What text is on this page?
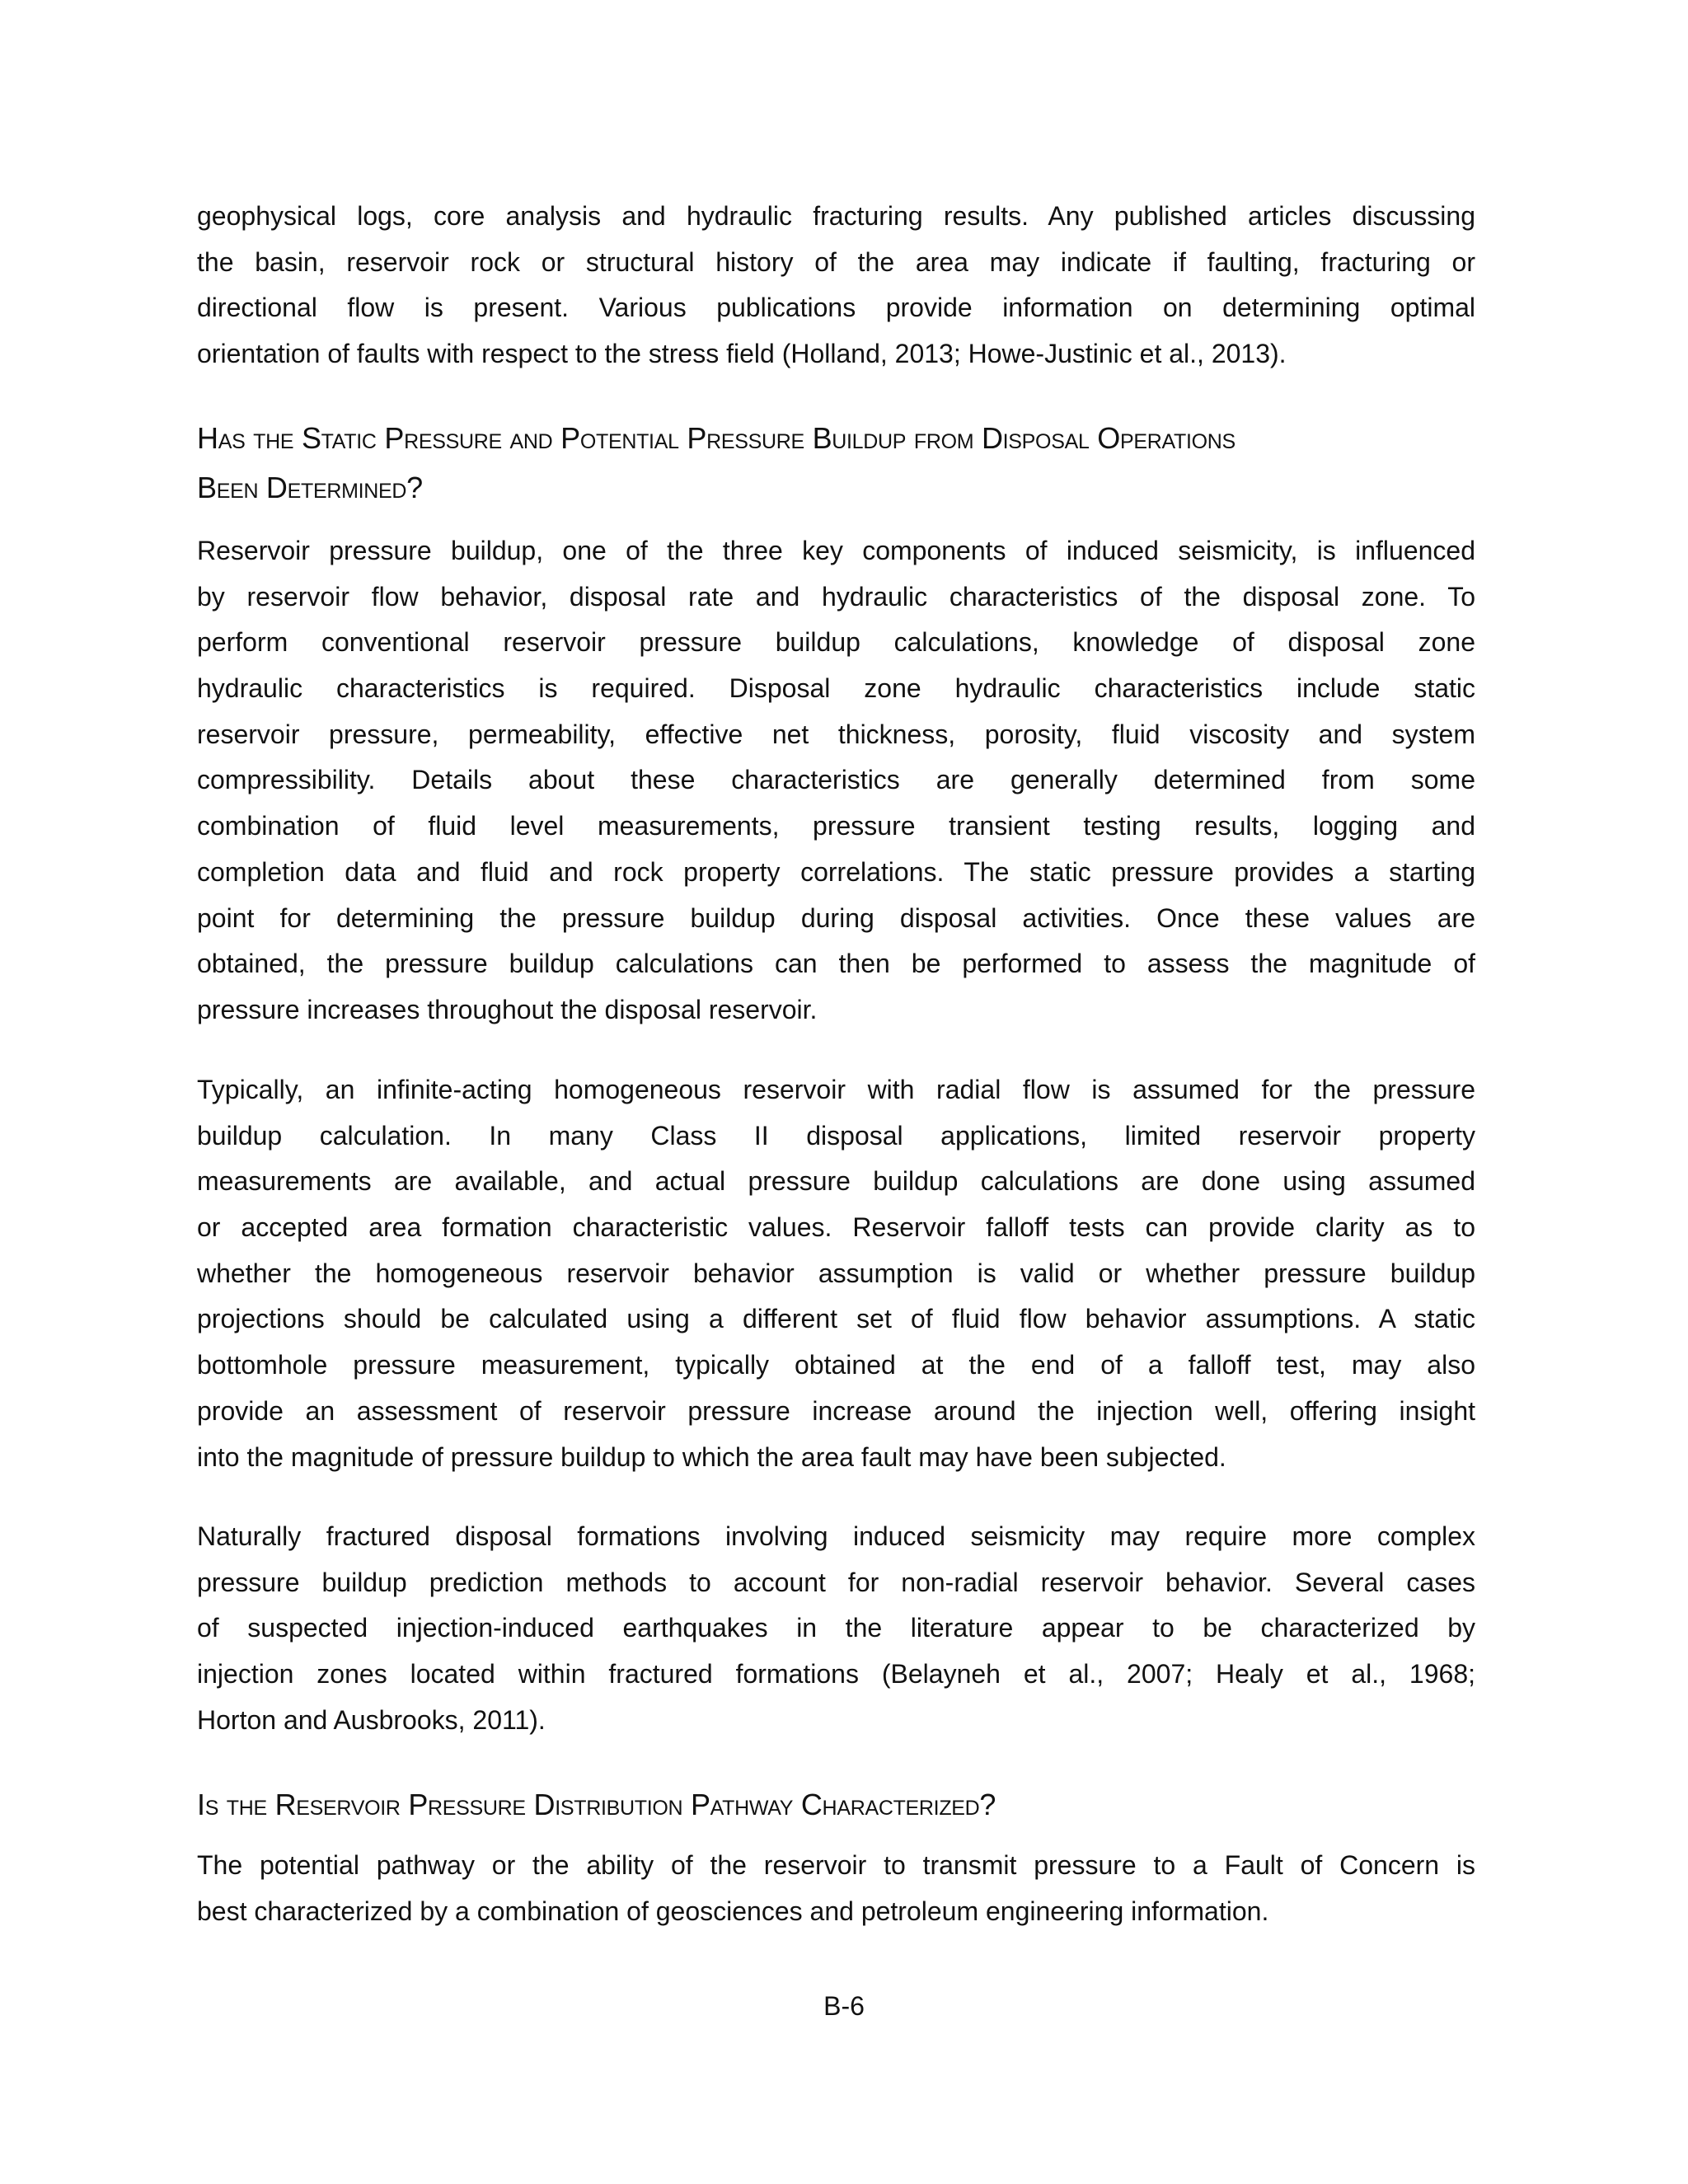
geophysical logs, core analysis and hydraulic fracturing results. Any published articles discussing
the basin, reservoir rock or structural history of the area may indicate if faulting, fracturing or
directional flow is present. Various publications provide information on determining optimal
orientation of faults with respect to the stress field (Holland, 2013; Howe-Justinic et al., 2013).
Has the Static Pressure and Potential Pressure Buildup from Disposal Operations
Been Determined?
Reservoir pressure buildup, one of the three key components of induced seismicity, is influenced
by reservoir flow behavior, disposal rate and hydraulic characteristics of the disposal zone. To
perform conventional reservoir pressure buildup calculations, knowledge of disposal zone
hydraulic characteristics is required. Disposal zone hydraulic characteristics include static
reservoir pressure, permeability, effective net thickness, porosity, fluid viscosity and system
compressibility. Details about these characteristics are generally determined from some
combination of fluid level measurements, pressure transient testing results, logging and
completion data and fluid and rock property correlations. The static pressure provides a starting
point for determining the pressure buildup during disposal activities. Once these values are
obtained, the pressure buildup calculations can then be performed to assess the magnitude of
pressure increases throughout the disposal reservoir.
Typically, an infinite-acting homogeneous reservoir with radial flow is assumed for the pressure
buildup calculation. In many Class II disposal applications, limited reservoir property
measurements are available, and actual pressure buildup calculations are done using assumed
or accepted area formation characteristic values. Reservoir falloff tests can provide clarity as to
whether the homogeneous reservoir behavior assumption is valid or whether pressure buildup
projections should be calculated using a different set of fluid flow behavior assumptions. A static
bottomhole pressure measurement, typically obtained at the end of a falloff test, may also
provide an assessment of reservoir pressure increase around the injection well, offering insight
into the magnitude of pressure buildup to which the area fault may have been subjected.
Naturally fractured disposal formations involving induced seismicity may require more complex
pressure buildup prediction methods to account for non-radial reservoir behavior. Several cases
of suspected injection-induced earthquakes in the literature appear to be characterized by
injection zones located within fractured formations (Belayneh et al., 2007; Healy et al., 1968;
Horton and Ausbrooks, 2011).
Is the Reservoir Pressure Distribution Pathway Characterized?
The potential pathway or the ability of the reservoir to transmit pressure to a Fault of Concern is
best characterized by a combination of geosciences and petroleum engineering information.
B-6
